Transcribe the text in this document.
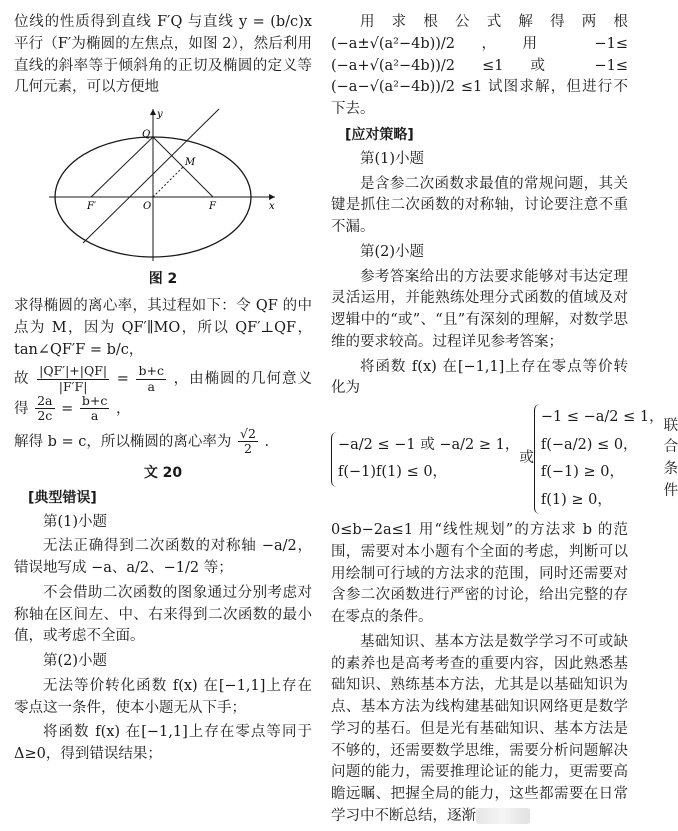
位线的性质得到直线 F′Q 与直线 y = (b/c)x 平行（F′为椭圆的左焦点，如图 2），然后利用直线的斜率等于倾斜角的正切及椭圆的定义等几何元素，可以方便地

y
x
Q
M
F′	O	F
图 2

求得椭圆的离心率，其过程如下：令 QF 的中点为 M，因为 QF′∥MO，所以 QF′⊥QF，tan∠QF′F = b/c，

故 $\frac{|QF'|+|QF|}{|F'F|} = \frac{b+c}{a}$ ，由椭圆的几何意义得 $\frac{2a}{2c} = \frac{b+c}{a}$ ，

解得 b = c，所以椭圆的离心率为 $\frac{√2}{2}$ .

文 20
[典型错误]

第(1)小题

无法正确得到二次函数的对称轴 −a/2，错误地写成 −a、a/2、−1/2 等；

不会借助二次函数的图象通过分别考虑对称轴在区间左、中、右来得到二次函数的最小值，或考虑不全面。

第(2)小题

无法等价转化函数 f(x) 在[−1,1]上存在零点这一条件，使本小题无从下手；

将函数 f(x) 在[−1,1]上存在零点等同于 Δ≥0，得到错误结果；

用求根公式解得两根 (−a±√(a²−4b))/2，用 −1≤ (−a+√(a²−4b))/2 ≤1 或 −1≤ (−a−√(a²−4b))/2 ≤1 试图求解，但进行不下去。

[应对策略]

第(1)小题

是含参二次函数求最值的常规问题，其关键是抓住二次函数的对称轴，讨论要注意不重不漏。

第(2)小题

参考答案给出的方法要求能够对韦达定理灵活运用，并能熟练处理分式函数的值域及对逻辑中的“或”、“且”有深刻的理解，对数学思维的要求较高。过程详见参考答案；

将函数 f(x) 在[−1,1]上存在零点等价转化为

−a/2 ≤ −1 或 −a/2 ≥ 1，
f(−1)f(1) ≤ 0，
或
−1 ≤ −a/2 ≤ 1，
f(−a/2) ≤ 0，
f(−1) ≥ 0，
f(1) ≥ 0，
联合条件

0≤b−2a≤1 用“线性规划”的方法求 b 的范围，需要对本小题有个全面的考虑，判断可以用绘制可行域的方法求的范围，同时还需要对含参二次函数进行严密的讨论，给出完整的存在零点的条件。

基础知识、基本方法是数学学习不可或缺的素养也是高考考查的重要内容，因此熟悉基础知识、熟练基本方法，尤其是以基础知识为点、基本方法为线构建基础知识网络更是数学学习的基石。但是光有基础知识、基本方法是不够的，还需要数学思维，需要分析问题解决问题的能力，需要推理论证的能力，更需要高瞻远瞩、把握全局的能力，这些都需要在日常学习中不断总结，逐渐
